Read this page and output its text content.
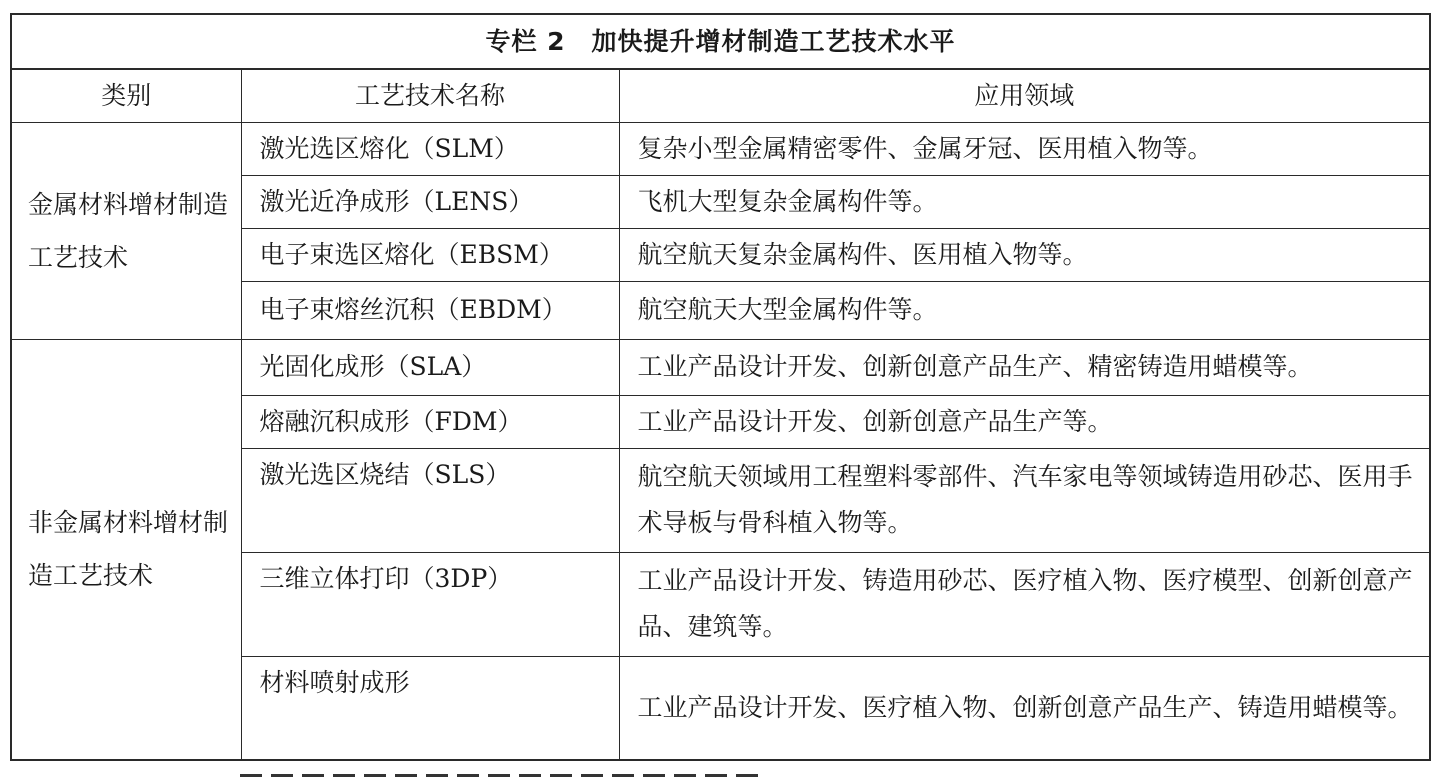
专栏 2　加快提升增材制造工艺技术水平		
类别	工艺技术名称	应用领域
金属材料增材制造工艺技术	激光选区熔化（SLM）	复杂小型金属精密零件、金属牙冠、医用植入物等。
	激光近净成形（LENS）	飞机大型复杂金属构件等。
	电子束选区熔化（EBSM）	航空航天复杂金属构件、医用植入物等。
	电子束熔丝沉积（EBDM）	航空航天大型金属构件等。
非金属材料增材制造工艺技术	光固化成形（SLA）	工业产品设计开发、创新创意产品生产、精密铸造用蜡模等。
	熔融沉积成形（FDM）	工业产品设计开发、创新创意产品生产等。
	激光选区烧结（SLS）	航空航天领域用工程塑料零部件、汽车家电等领域铸造用砂芯、医用手术导板与骨科植入物等。
	三维立体打印（3DP）	工业产品设计开发、铸造用砂芯、医疗植入物、医疗模型、创新创意产品、建筑等。
	材料喷射成形	工业产品设计开发、医疗植入物、创新创意产品生产、铸造用蜡模等。
